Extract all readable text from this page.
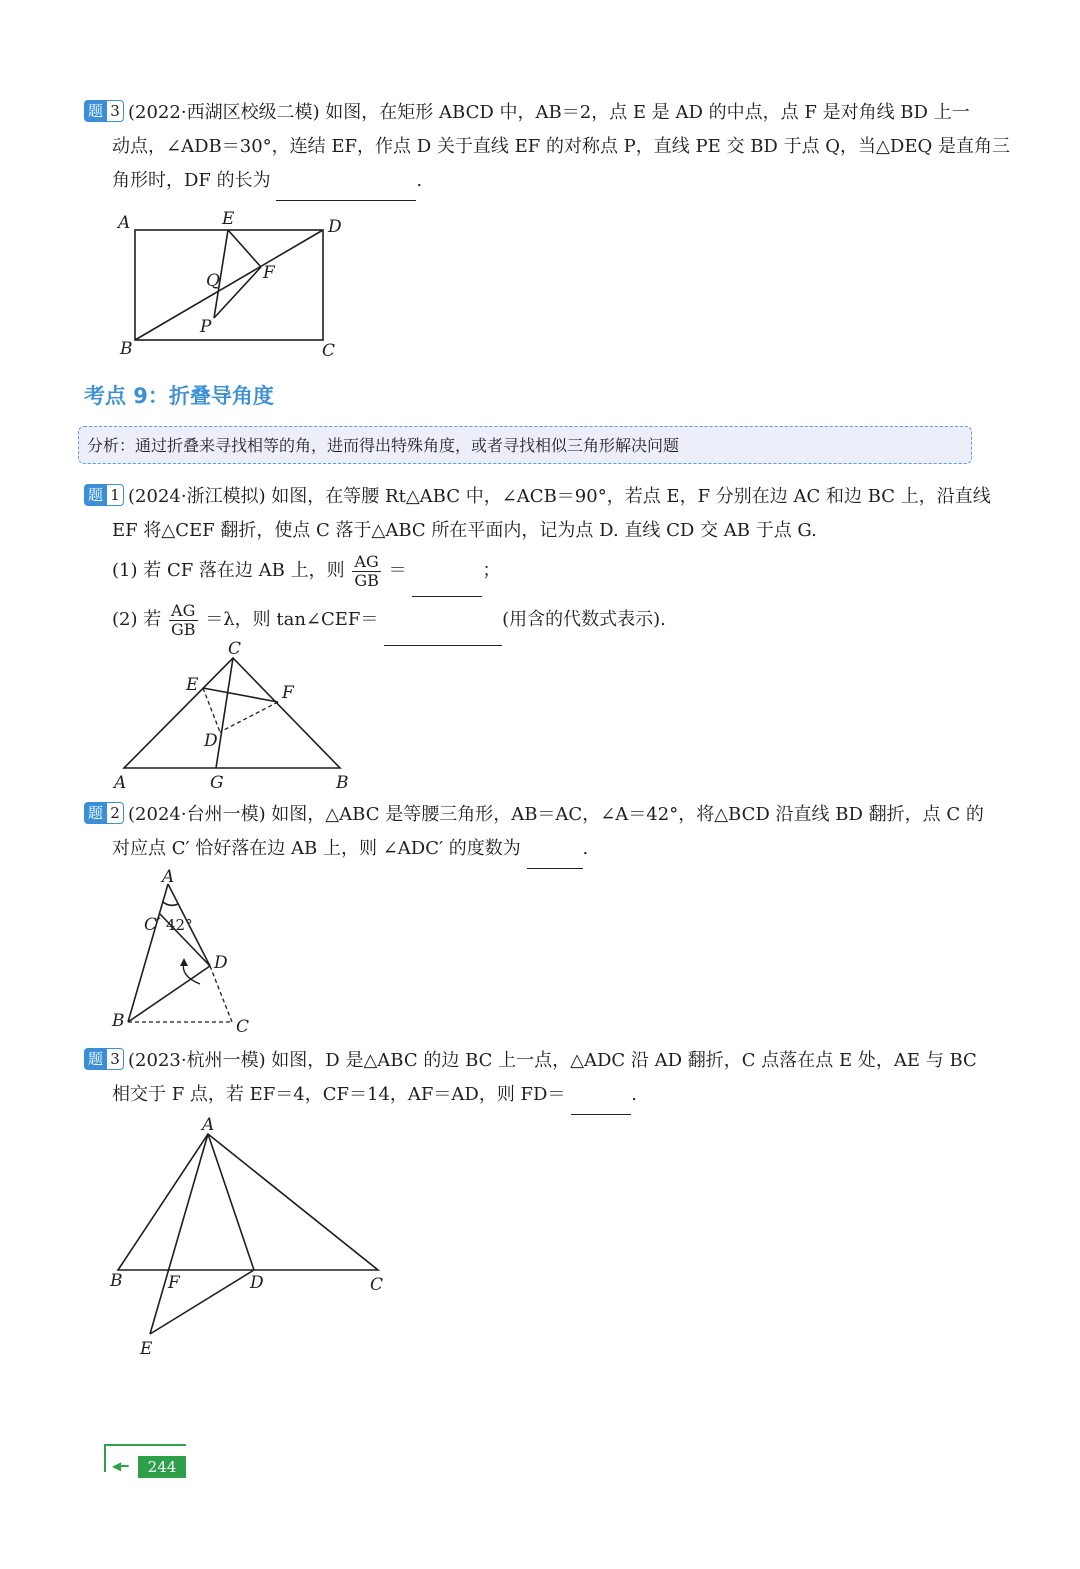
题 3 (2022·西湖区校级二模) 如图，在矩形 ABCD 中，AB＝2，点 E 是 AD 的中点，点 F 是对角线 BD 上一
动点，∠ADB＝30°，连结 EF，作点 D 关于直线 EF 的对称点 P，直线 PE 交 BD 于点 Q，当△DEQ 是直角三
角形时，DF 的长为	.
A	E	D
Q	F
P
B	C
考点 9：折叠导角度
分析：通过折叠来寻找相等的角，进而得出特殊角度，或者寻找相似三角形解决问题
题 1 (2024·浙江模拟) 如图，在等腰 Rt△ABC 中，∠ACB＝90°，若点 E，F 分别在边 AC 和边 BC 上，沿直线
EF 将△CEF 翻折，使点 C 落于△ABC 所在平面内，记为点 D. 直线 CD 交 AB 于点 G.
(1) 若 CF 落在边 AB 上，则 $\frac{AG}{GB}$ ＝	；
(2) 若 $\frac{AG}{GB} =\lambda$，则 tan∠CEF＝	(用含的代数式表示).
C
E	F
D
A	G	B
题 2 (2024·台州一模) 如图，△ABC 是等腰三角形，AB＝AC，∠A＝42°，将△BCD 沿直线 BD 翻折，点 C 的
对应点 C′ 恰好落在边 AB 上，则 ∠ADC′ 的度数为	.
A
C′ 42°
D
B	C
题 3 (2023·杭州一模) 如图，D 是△ABC 的边 BC 上一点，△ADC 沿 AD 翻折，C 点落在点 E 处，AE 与 BC
相交于 F 点，若 EF＝4，CF＝14，AF＝AD，则 FD＝	.
A
B	F	D	C
E
◀━	244
